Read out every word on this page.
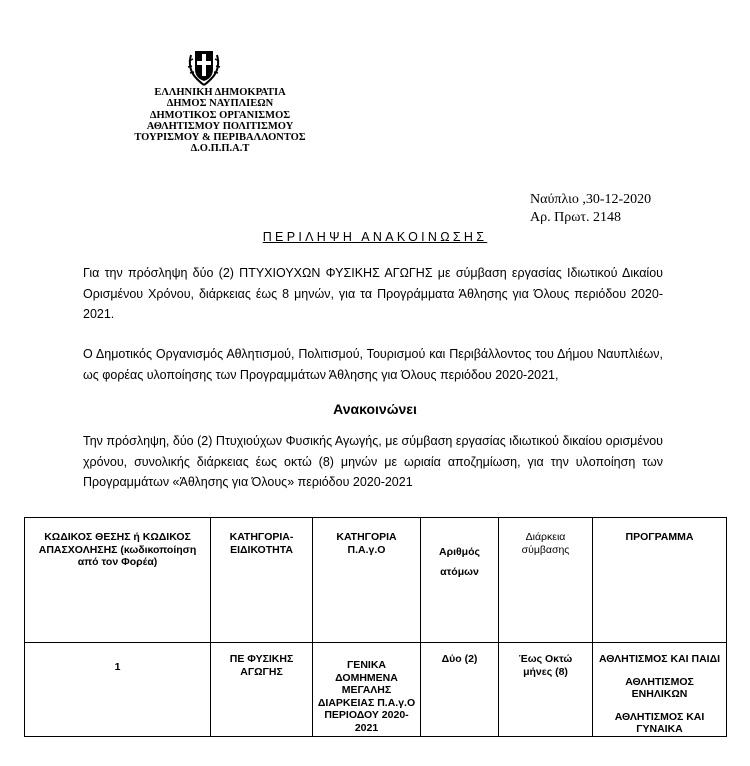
ΕΛΛΗΝΙΚΗ ΔΗΜΟΚΡΑΤΙΑ
ΔΗΜΟΣ ΝΑΥΠΛΙΕΩΝ
ΔΗΜΟΤΙΚΟΣ ΟΡΓΑΝΙΣΜΟΣ
ΑΘΛΗΤΙΣΜΟΥ ΠΟΛΙΤΙΣΜΟΥ
ΤΟΥΡΙΣΜΟΥ & ΠΕΡΙΒΑΛΛΟΝΤΟΣ
Δ.Ο.Π.Π.Α.Τ
Ναύπλιο ,30-12-2020
Αρ. Πρωτ. 2148
ΠΕΡΙΛΗΨΗ ΑΝΑΚΟΙΝΩΣΗΣ
Για την πρόσληψη δύο (2) ΠΤΥΧΙΟΥΧΩΝ ΦΥΣΙΚΗΣ ΑΓΩΓΗΣ με σύμβαση εργασίας Ιδιωτικού Δικαίου Ορισμένου Χρόνου, διάρκειας έως 8 μηνών, για τα Προγράμματα Άθλησης για Όλους περιόδου 2020-2021.
Ο Δημοτικός Οργανισμός Αθλητισμού, Πολιτισμού, Τουρισμού και Περιβάλλοντος του Δήμου Ναυπλιέων, ως φορέας υλοποίησης των Προγραμμάτων Άθλησης για Όλους περιόδου 2020-2021,
Ανακοινώνει
Την πρόσληψη, δύο (2) Πτυχιούχων Φυσικής Αγωγής, με σύμβαση εργασίας ιδιωτικού δικαίου ορισμένου χρόνου, συνολικής διάρκειας έως οκτώ (8) μηνών με ωριαία αποζημίωση, για την υλοποίηση των Προγραμμάτων «Άθλησης για Όλους» περιόδου 2020-2021
ΚΩΔΙΚΟΣ ΘΕΣΗΣ ή ΚΩΔΙΚΟΣ ΑΠΑΣΧΟΛΗΣΗΣ (κωδικοποίηση από τον Φορέα)	ΚΑΤΗΓΟΡΙΑ-ΕΙΔΙΚΟΤΗΤΑ	ΚΑΤΗΓΟΡΙΑ Π.Α.γ.Ο	Αριθμός ατόμων	Διάρκεια σύμβασης	ΠΡΟΓΡΑΜΜΑ
1	ΠΕ ΦΥΣΙΚΗΣ ΑΓΩΓΗΣ	ΓΕΝΙΚΑ ΔΟΜΗΜΕΝΑ ΜΕΓΑΛΗΣ ΔΙΑΡΚΕΙΑΣ Π.Α.γ.Ο ΠΕΡΙΟΔΟΥ 2020-2021	Δύο (2)	Έως Οκτώ μήνες (8)	ΑΘΛΗΤΙΣΜΟΣ ΚΑΙ ΠΑΙΔΙ
ΑΘΛΗΤΙΣΜΟΣ ΕΝΗΛΙΚΩΝ
ΑΘΛΗΤΙΣΜΟΣ ΚΑΙ ΓΥΝΑΙΚΑ
